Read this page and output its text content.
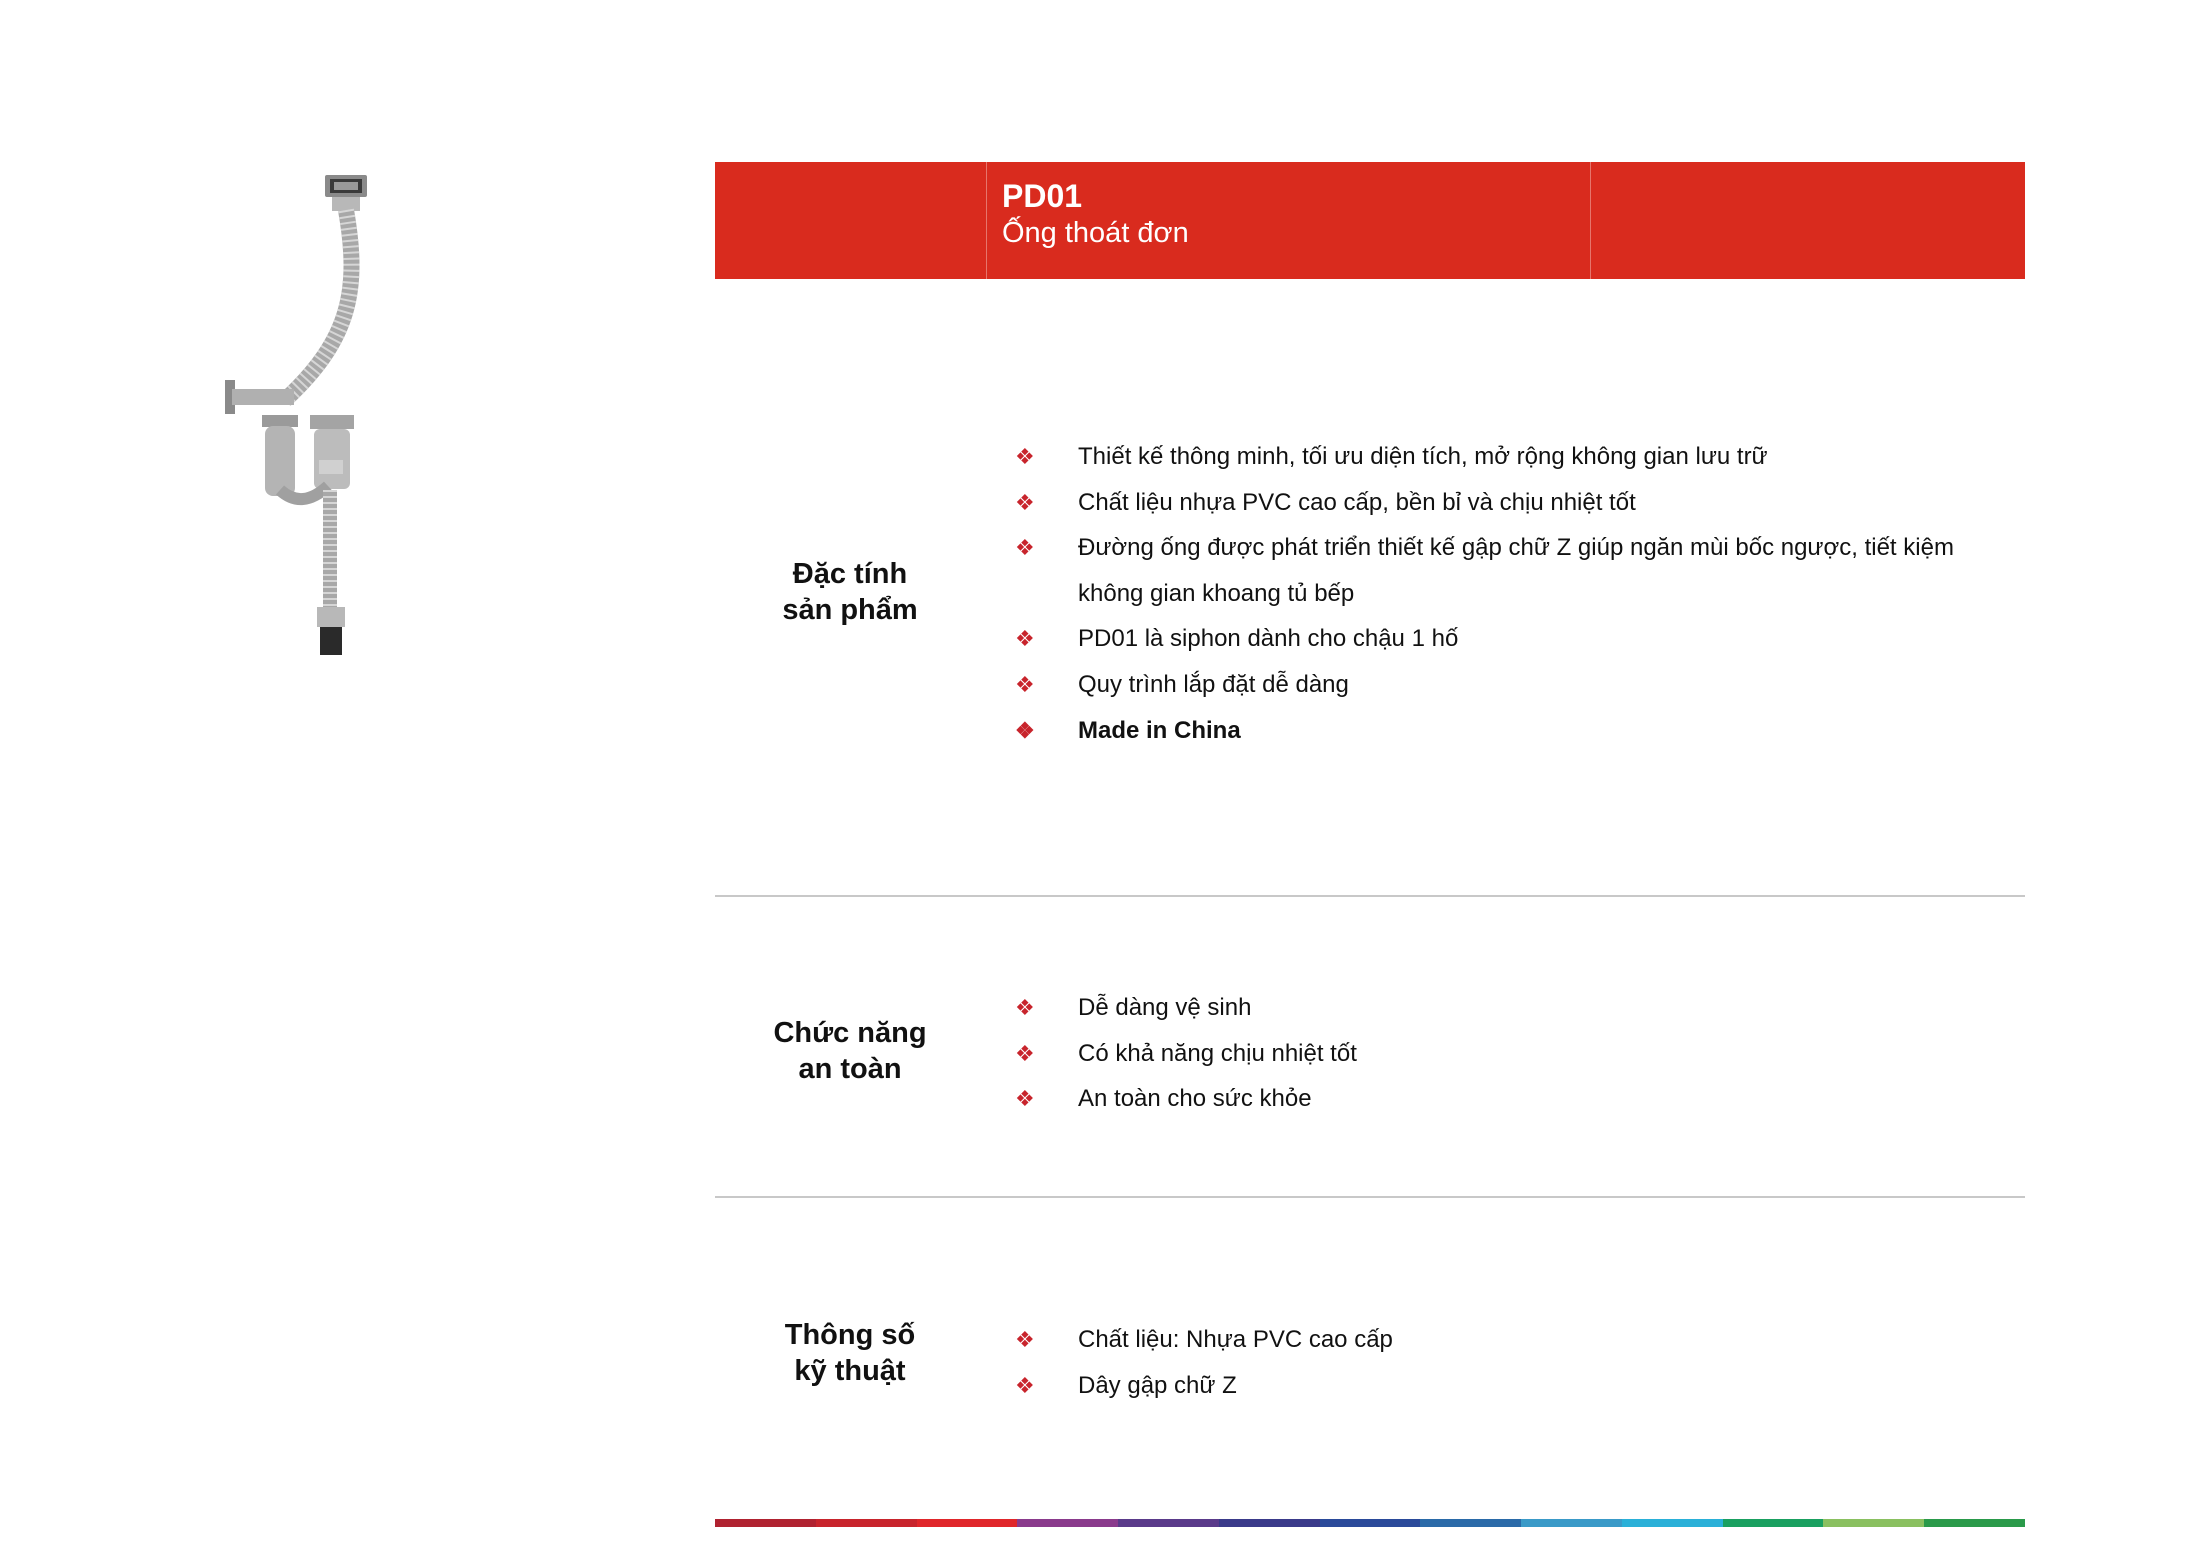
PD01
Ống thoát đơn
Đặc tính
sản phẩm
❖ Thiết kế thông minh, tối ưu diện tích, mở rộng không gian lưu trữ
❖ Chất liệu nhựa PVC cao cấp, bền bỉ và chịu nhiệt tốt
❖ Đường ống được phát triển thiết kế gập chữ Z giúp ngăn mùi bốc ngược, tiết kiệm không gian khoang tủ bếp
❖ PD01 là siphon dành cho chậu 1 hố
❖ Quy trình lắp đặt dễ dàng
❖ Made in China
Chức năng
an toàn
❖ Dễ dàng vệ sinh
❖ Có khả năng chịu nhiệt tốt
❖ An toàn cho sức khỏe
Thông số
kỹ thuật
❖ Chất liệu: Nhựa PVC cao cấp
❖ Dây gập chữ Z
